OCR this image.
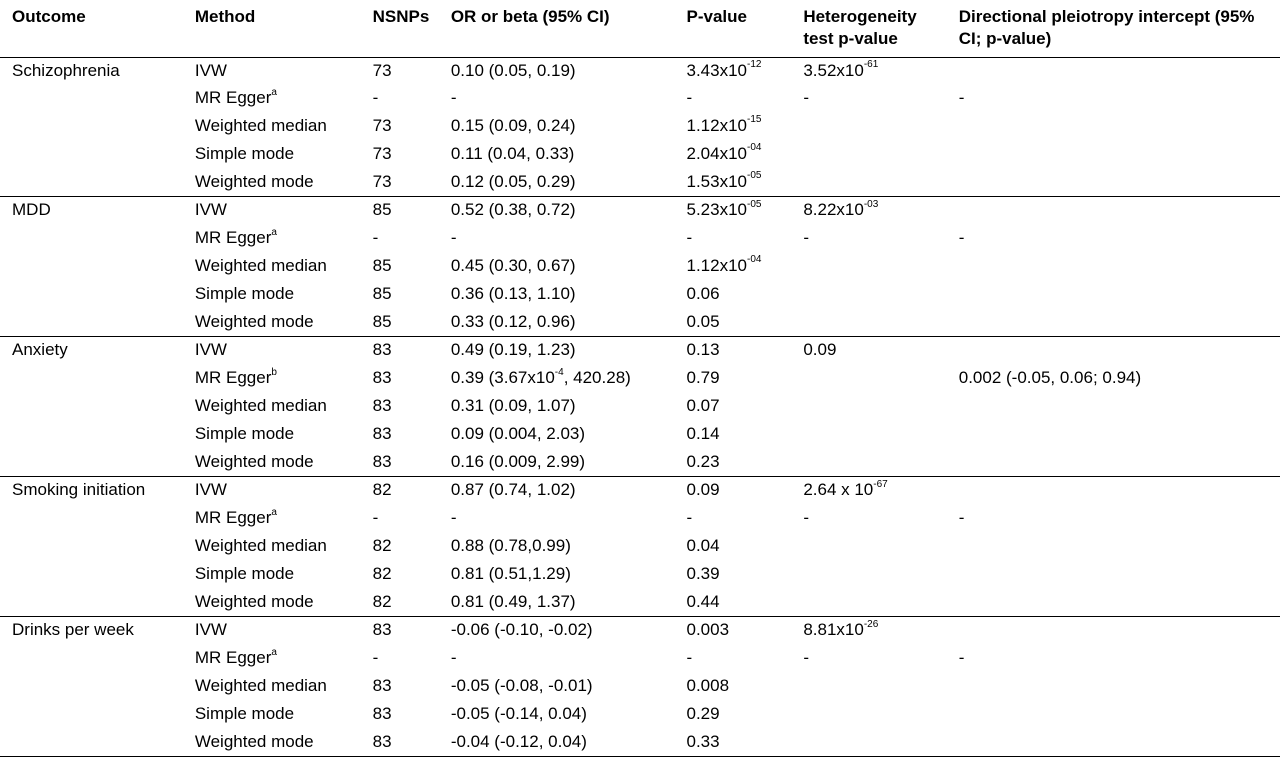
Outcome	Method	NSNPs	OR or beta (95% CI)	P-value	Heterogeneity test p-value	Directional pleiotropy intercept (95% CI; p-value)
Schizophrenia	IVW	73	0.10 (0.05, 0.19)	$3.43x10^{-12}$	$3.52x10^{-61}$	
	MR Egger$^a$	-	-	-	-	-
	Weighted median	73	0.15 (0.09, 0.24)	$1.12x10^{-15}$		
	Simple mode	73	0.11 (0.04, 0.33)	$2.04x10^{-04}$		
	Weighted mode	73	0.12 (0.05, 0.29)	$1.53x10^{-05}$		
MDD	IVW	85	0.52 (0.38, 0.72)	$5.23x10^{-05}$	$8.22x10^{-03}$	
	MR Egger$^a$	-	-	-	-	-
	Weighted median	85	0.45 (0.30, 0.67)	$1.12x10^{-04}$		
	Simple mode	85	0.36 (0.13, 1.10)	0.06		
	Weighted mode	85	0.33 (0.12, 0.96)	0.05		
Anxiety	IVW	83	0.49 (0.19, 1.23)	0.13	0.09	
	MR Egger$^b$	83	0.39 ($3.67x10^{-4}$, 420.28)	0.79		0.002 (-0.05, 0.06; 0.94)
	Weighted median	83	0.31 (0.09, 1.07)	0.07		
	Simple mode	83	0.09 (0.004, 2.03)	0.14		
	Weighted mode	83	0.16 (0.009, 2.99)	0.23		
Smoking initiation	IVW	82	0.87 (0.74, 1.02)	0.09	2.64 x $10^{-67}$	
	MR Egger$^a$	-	-	-	-	-
	Weighted median	82	0.88 (0.78,0.99)	0.04		
	Simple mode	82	0.81 (0.51,1.29)	0.39		
	Weighted mode	82	0.81 (0.49, 1.37)	0.44		
Drinks per week	IVW	83	-0.06 (-0.10, -0.02)	0.003	$8.81x10^{-26}$	
	MR Egger$^a$	-	-	-	-	-
	Weighted median	83	-0.05 (-0.08, -0.01)	0.008		
	Simple mode	83	-0.05 (-0.14, 0.04)	0.29		
	Weighted mode	83	-0.04 (-0.12, 0.04)	0.33		
